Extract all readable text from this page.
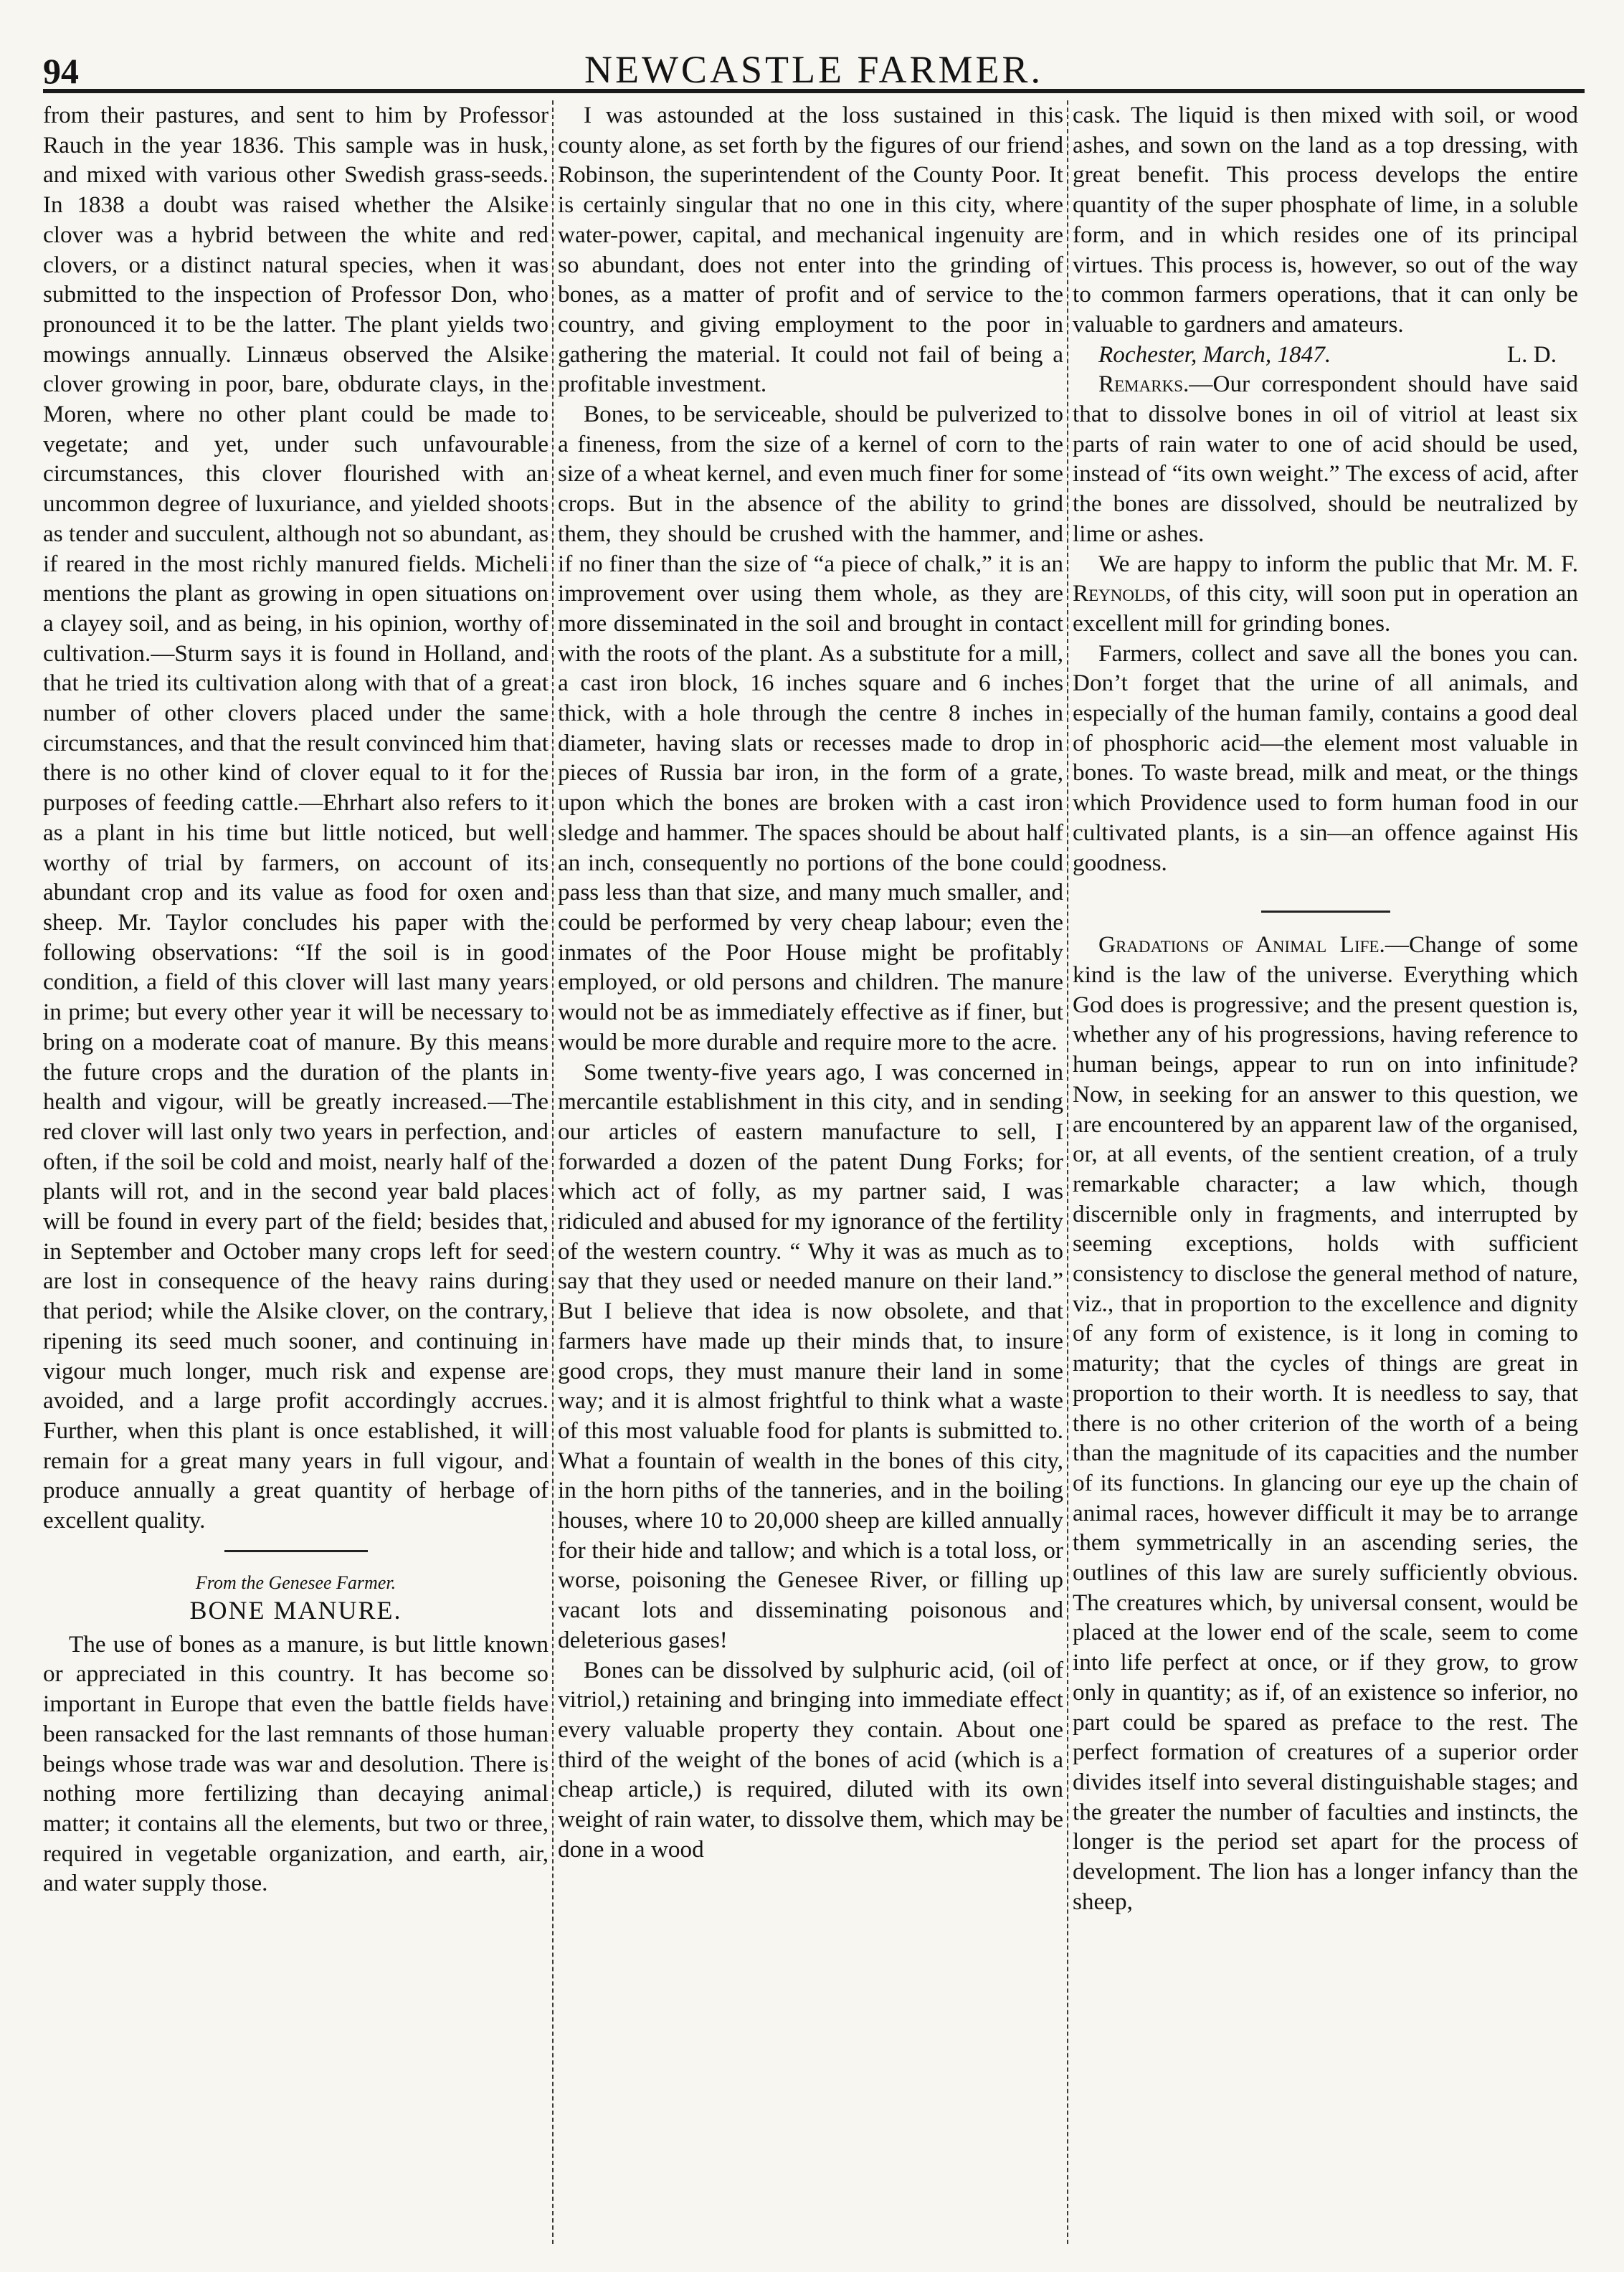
94	NEWCASTLE FARMER.

from their pastures, and sent to him by Professor Rauch in the year 1836. This sample was in husk, and mixed with various other Swedish grass-seeds. In 1838 a doubt was raised whether the Alsike clover was a hybrid between the white and red clovers, or a distinct natural species, when it was submitted to the inspection of Professor Don, who pronounced it to be the latter. The plant yields two mowings annually. Linnæus observed the Alsike clover growing in poor, bare, obdurate clays, in the Moren, where no other plant could be made to vegetate; and yet, under such unfavourable circumstances, this clover flourished with an uncommon degree of luxuriance, and yielded shoots as tender and succulent, although not so abundant, as if reared in the most richly manured fields. Micheli mentions the plant as growing in open situations on a clayey soil, and as being, in his opinion, worthy of cultivation.—Sturm says it is found in Holland, and that he tried its cultivation along with that of a great number of other clovers placed under the same circumstances, and that the result convinced him that there is no other kind of clover equal to it for the purposes of feeding cattle.—Ehrhart also refers to it as a plant in his time but little noticed, but well worthy of trial by farmers, on account of its abundant crop and its value as food for oxen and sheep. Mr. Taylor concludes his paper with the following observations: “If the soil is in good condition, a field of this clover will last many years in prime; but every other year it will be necessary to bring on a moderate coat of manure. By this means the future crops and the duration of the plants in health and vigour, will be greatly increased.—The red clover will last only two years in perfection, and often, if the soil be cold and moist, nearly half of the plants will rot, and in the second year bald places will be found in every part of the field; besides that, in September and October many crops left for seed are lost in consequence of the heavy rains during that period; while the Alsike clover, on the contrary, ripening its seed much sooner, and continuing in vigour much longer, much risk and expense are avoided, and a large profit accordingly accrues. Further, when this plant is once established, it will remain for a great many years in full vigour, and produce annually a great quantity of herbage of excellent quality.

From the Genesee Farmer.
BONE MANURE.

The use of bones as a manure, is but little known or appreciated in this country. It has become so important in Europe that even the battle fields have been ransacked for the last remnants of those human beings whose trade was war and desolution. There is nothing more fertilizing than decaying animal matter; it contains all the elements, but two or three, required in vegetable organization, and earth, air, and water supply those.

I was astounded at the loss sustained in this county alone, as set forth by the figures of our friend Robinson, the superintendent of the County Poor. It is certainly singular that no one in this city, where water-power, capital, and mechanical ingenuity are so abundant, does not enter into the grinding of bones, as a matter of profit and of service to the country, and giving employment to the poor in gathering the material. It could not fail of being a profitable investment.

Bones, to be serviceable, should be pulverized to a fineness, from the size of a kernel of corn to the size of a wheat kernel, and even much finer for some crops. But in the absence of the ability to grind them, they should be crushed with the hammer, and if no finer than the size of “a piece of chalk,” it is an improvement over using them whole, as they are more disseminated in the soil and brought in contact with the roots of the plant. As a substitute for a mill, a cast iron block, 16 inches square and 6 inches thick, with a hole through the centre 8 inches in diameter, having slats or recesses made to drop in pieces of Russia bar iron, in the form of a grate, upon which the bones are broken with a cast iron sledge and hammer. The spaces should be about half an inch, consequently no portions of the bone could pass less than that size, and many much smaller, and could be performed by very cheap labour; even the inmates of the Poor House might be profitably employed, or old persons and children. The manure would not be as immediately effective as if finer, but would be more durable and require more to the acre.

Some twenty-five years ago, I was concerned in mercantile establishment in this city, and in sending our articles of eastern manufacture to sell, I forwarded a dozen of the patent Dung Forks; for which act of folly, as my partner said, I was ridiculed and abused for my ignorance of the fertility of the western country. “ Why it was as much as to say that they used or needed manure on their land.” But I believe that idea is now obsolete, and that farmers have made up their minds that, to insure good crops, they must manure their land in some way; and it is almost frightful to think what a waste of this most valuable food for plants is submitted to. What a fountain of wealth in the bones of this city, in the horn piths of the tanneries, and in the boiling houses, where 10 to 20,000 sheep are killed annually for their hide and tallow; and which is a total loss, or worse, poisoning the Genesee River, or filling up vacant lots and disseminating poisonous and deleterious gases!

Bones can be dissolved by sulphuric acid, (oil of vitriol,) retaining and bringing into immediate effect every valuable property they contain. About one third of the weight of the bones of acid (which is a cheap article,) is required, diluted with its own weight of rain water, to dissolve them, which may be done in a wood

cask. The liquid is then mixed with soil, or wood ashes, and sown on the land as a top dressing, with great benefit. This process develops the entire quantity of the super phosphate of lime, in a soluble form, and in which resides one of its principal virtues. This process is, however, so out of the way to common farmers operations, that it can only be valuable to gardners and amateurs.

Rochester, March, 1847.	L. D.

Remarks.—Our correspondent should have said that to dissolve bones in oil of vitriol at least six parts of rain water to one of acid should be used, instead of “its own weight.” The excess of acid, after the bones are dissolved, should be neutralized by lime or ashes.

We are happy to inform the public that Mr. M. F. Reynolds, of this city, will soon put in operation an excellent mill for grinding bones.

Farmers, collect and save all the bones you can. Don’t forget that the urine of all animals, and especially of the human family, contains a good deal of phosphoric acid—the element most valuable in bones. To waste bread, milk and meat, or the things which Providence used to form human food in our cultivated plants, is a sin—an offence against His goodness.

Gradations of Animal Life.—Change of some kind is the law of the universe. Everything which God does is progressive; and the present question is, whether any of his progressions, having reference to human beings, appear to run on into infinitude? Now, in seeking for an answer to this question, we are encountered by an apparent law of the organised, or, at all events, of the sentient creation, of a truly remarkable character; a law which, though discernible only in fragments, and interrupted by seeming exceptions, holds with sufficient consistency to disclose the general method of nature, viz., that in proportion to the excellence and dignity of any form of existence, is it long in coming to maturity; that the cycles of things are great in proportion to their worth. It is needless to say, that there is no other criterion of the worth of a being than the magnitude of its capacities and the number of its functions. In glancing our eye up the chain of animal races, however difficult it may be to arrange them symmetrically in an ascending series, the outlines of this law are surely sufficiently obvious. The creatures which, by universal consent, would be placed at the lower end of the scale, seem to come into life perfect at once, or if they grow, to grow only in quantity; as if, of an existence so inferior, no part could be spared as preface to the rest. The perfect formation of creatures of a superior order divides itself into several distinguishable stages; and the greater the number of faculties and instincts, the longer is the period set apart for the process of development. The lion has a longer infancy than the sheep,
